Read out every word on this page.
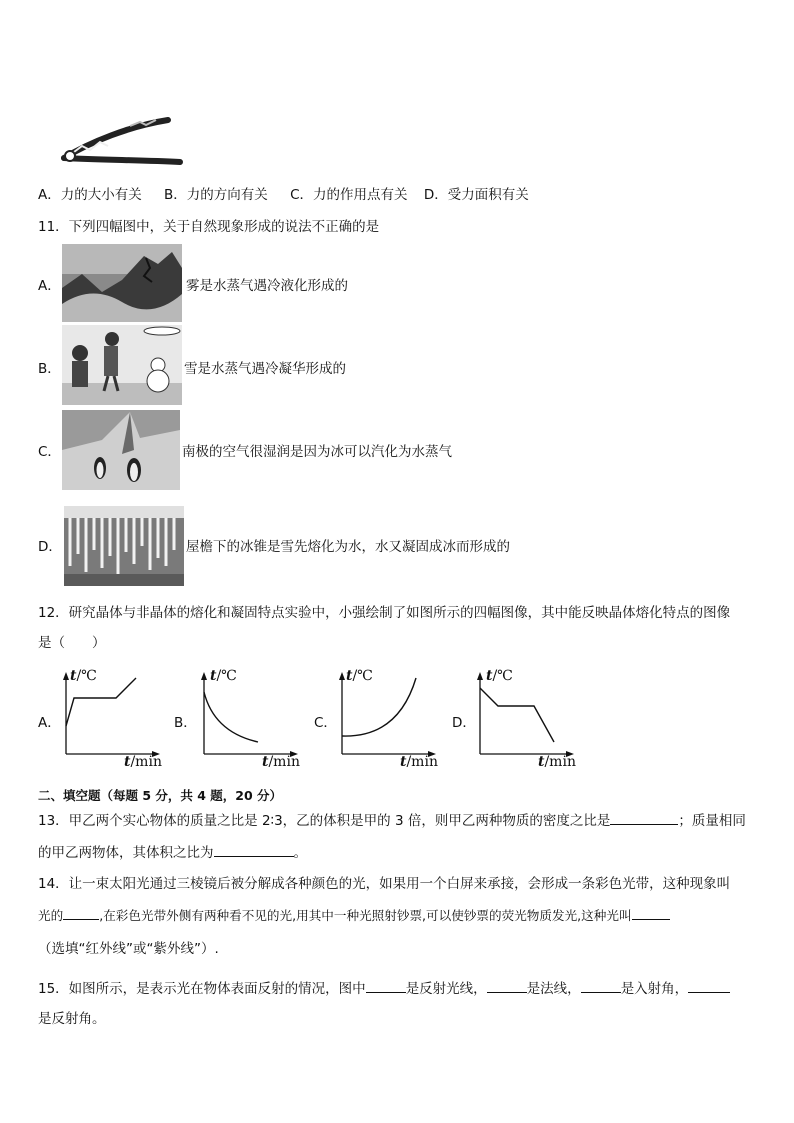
A．力的大小有关 B．力的方向有关 C．力的作用点有关 D．受力面积有关
11．下列四幅图中，关于自然现象形成的说法不正确的是
A．	雾是水蒸气遇冷液化形成的
B．	雪是水蒸气遇冷凝华形成的
C．	南极的空气很湿润是因为冰可以汽化为水蒸气
D．	屋檐下的冰锥是雪先熔化为水，水又凝固成冰而形成的
12．研究晶体与非晶体的熔化和凝固特点实验中，小强绘制了如图所示的四幅图像，其中能反映晶体熔化特点的图像
是（　　）
A．
t/℃
t/min
B．
t/℃
t/min
C．
t/℃
t/min
D．
t/℃
t/min
二、填空题（每题 5 分，共 4 题，20 分）
13．甲乙两个实心物体的质量之比是 2∶3，乙的体积是甲的 3 倍，则甲乙两种物质的密度之比是	；质量相同
的甲乙两物体，其体积之比为	。
14．让一束太阳光通过三棱镜后被分解成各种颜色的光，如果用一个白屏来承接，会形成一条彩色光带，这种现象叫
光的	,在彩色光带外侧有两种看不见的光,用其中一种光照射钞票,可以使钞票的荧光物质发光,这种光叫
（选填“红外线”或“紫外线”）.
15．如图所示，是表示光在物体表面反射的情况，图中	是反射光线，	是法线，	是入射角，
是反射角。
